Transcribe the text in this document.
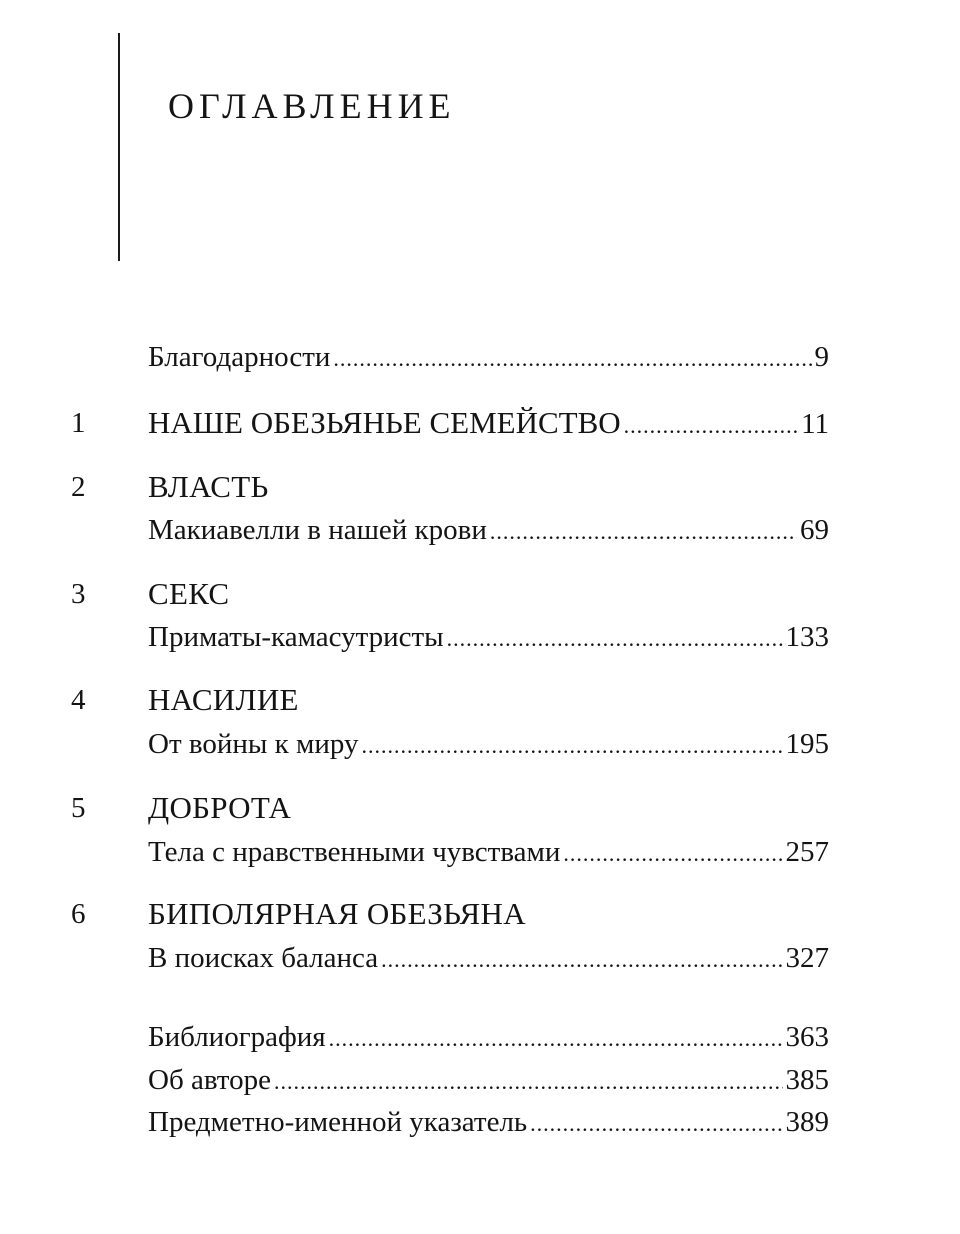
ОГЛАВЛЕНИЕ
Благодарности .....	9
1 НАШЕ ОБЕЗЬЯНЬЕ СЕМЕЙСТВО .....	11
2 ВЛАСТЬ
Макиавелли в нашей крови .....	69
3 СЕКС
Приматы-камасутристы .....	133
4 НАСИЛИЕ
От войны к миру .....	195
5 ДОБРОТА
Тела с нравственными чувствами .....	257
6 БИПОЛЯРНАЯ ОБЕЗЬЯНА
В поисках баланса .....	327
Библиография .....	363
Об авторе .....	385
Предметно-именной указатель .....	389
